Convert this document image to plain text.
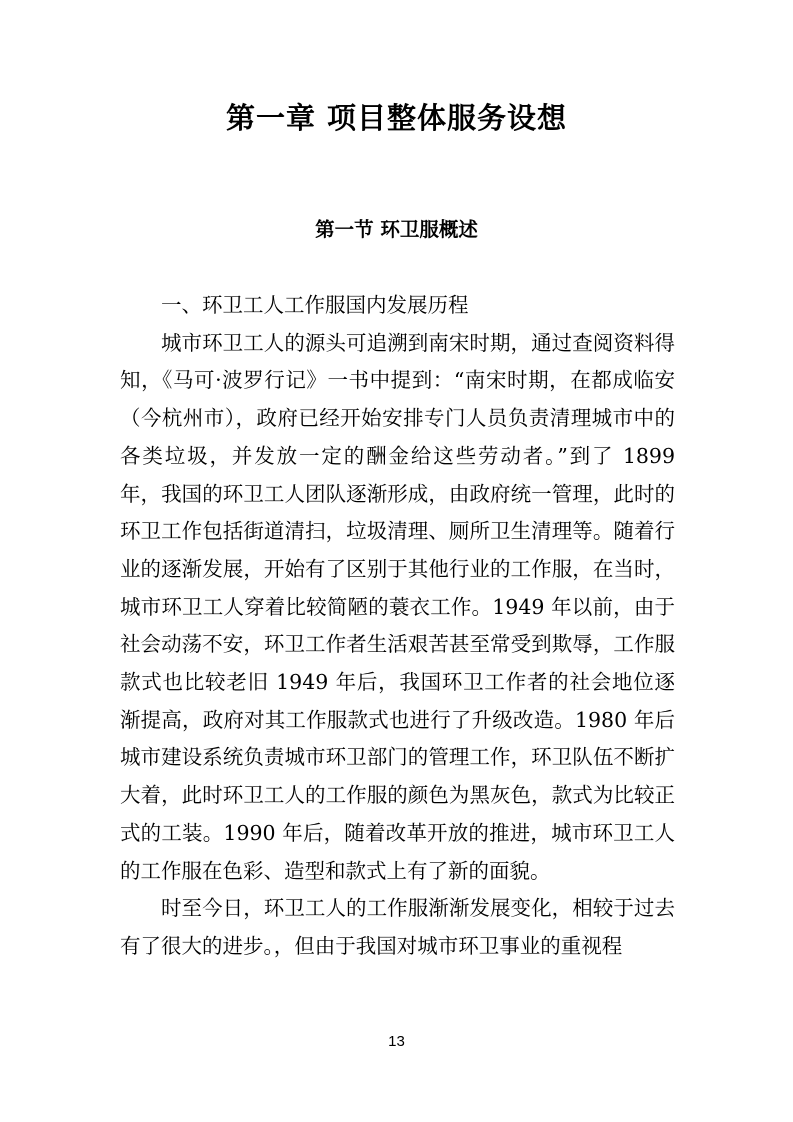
第一章 项目整体服务设想
第一节 环卫服概述

一、环卫工人工作服国内发展历程

城市环卫工人的源头可追溯到南宋时期，通过查阅资料得知，《马可·波罗行记》一书中提到：“南宋时期，在都成临安（今杭州市），政府已经开始安排专门人员负责清理城市中的各类垃圾，并发放一定的酬金给这些劳动者。”到了 1899 年，我国的环卫工人团队逐渐形成，由政府统一管理，此时的环卫工作包括街道清扫，垃圾清理、厕所卫生清理等。随着行业的逐渐发展，开始有了区别于其他行业的工作服，在当时，城市环卫工人穿着比较简陋的蓑衣工作。1949 年以前，由于社会动荡不安，环卫工作者生活艰苦甚至常受到欺辱，工作服款式也比较老旧 1949 年后，我国环卫工作者的社会地位逐渐提高，政府对其工作服款式也进行了升级改造。1980 年后城市建设系统负责城市环卫部门的管理工作，环卫队伍不断扩大着，此时环卫工人的工作服的颜色为黑灰色，款式为比较正式的工装。1990 年后，随着改革开放的推进，城市环卫工人的工作服在色彩、造型和款式上有了新的面貌。

时至今日，环卫工人的工作服渐渐发展变化，相较于过去有了很大的进步。，但由于我国对城市环卫事业的重视程

13
